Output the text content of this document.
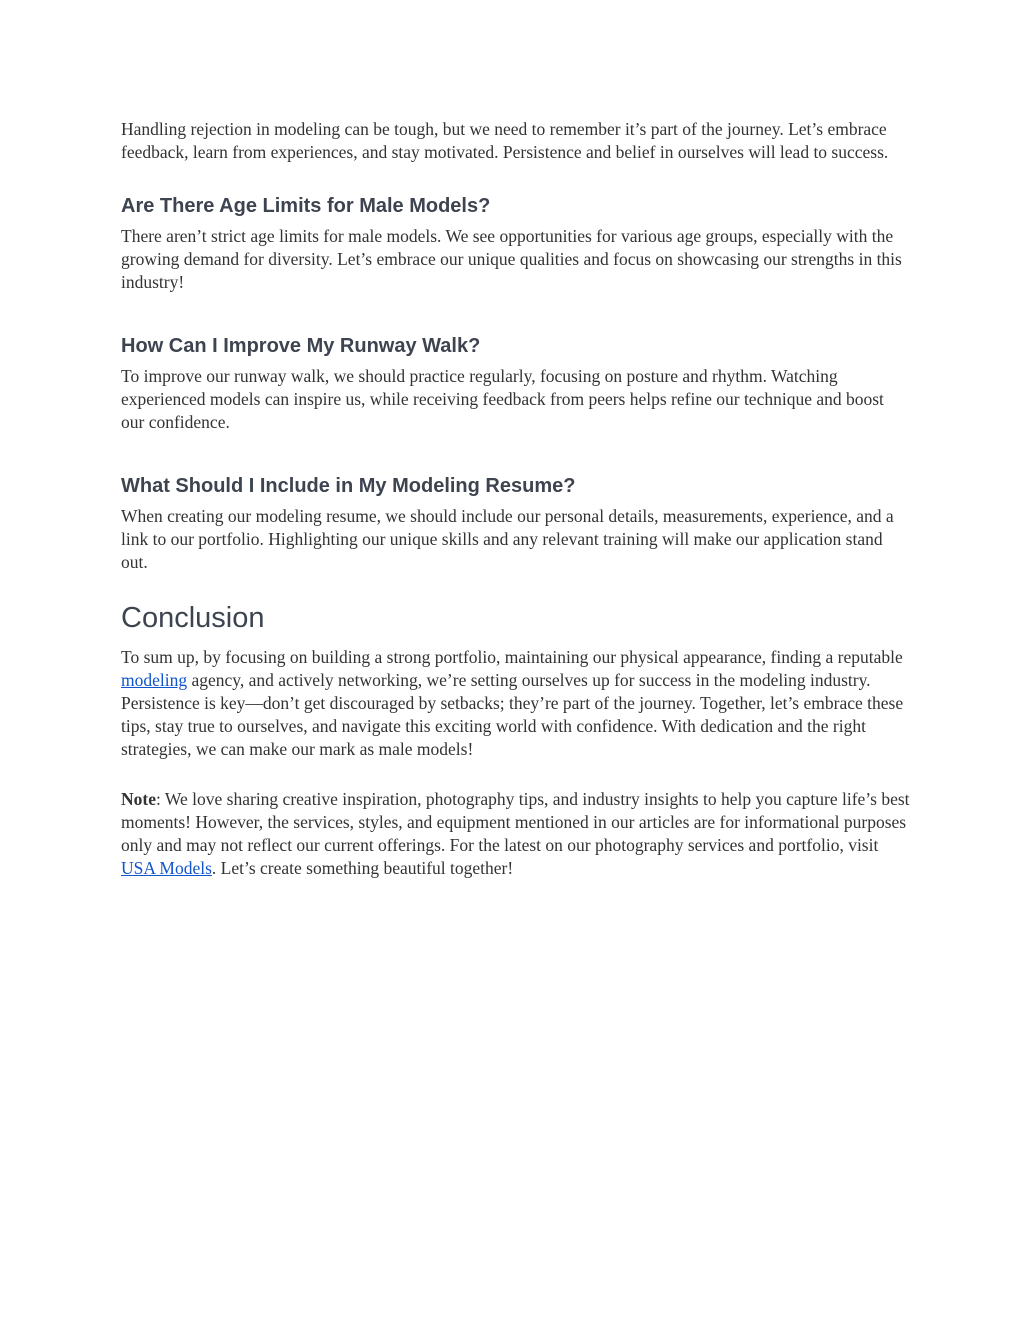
Handling rejection in modeling can be tough, but we need to remember it’s part of the journey. Let’s embrace feedback, learn from experiences, and stay motivated. Persistence and belief in ourselves will lead to success.

Are There Age Limits for Male Models?

There aren’t strict age limits for male models. We see opportunities for various age groups, especially with the growing demand for diversity. Let’s embrace our unique qualities and focus on showcasing our strengths in this industry!

How Can I Improve My Runway Walk?

To improve our runway walk, we should practice regularly, focusing on posture and rhythm. Watching experienced models can inspire us, while receiving feedback from peers helps refine our technique and boost our confidence.

What Should I Include in My Modeling Resume?

When creating our modeling resume, we should include our personal details, measurements, experience, and a link to our portfolio. Highlighting our unique skills and any relevant training will make our application stand out.

Conclusion

To sum up, by focusing on building a strong portfolio, maintaining our physical appearance, finding a reputable modeling agency, and actively networking, we’re setting ourselves up for success in the modeling industry. Persistence is key—don’t get discouraged by setbacks; they’re part of the journey. Together, let’s embrace these tips, stay true to ourselves, and navigate this exciting world with confidence. With dedication and the right strategies, we can make our mark as male models!

Note: We love sharing creative inspiration, photography tips, and industry insights to help you capture life’s best moments! However, the services, styles, and equipment mentioned in our articles are for informational purposes only and may not reflect our current offerings. For the latest on our photography services and portfolio, visit USA Models. Let’s create something beautiful together!
